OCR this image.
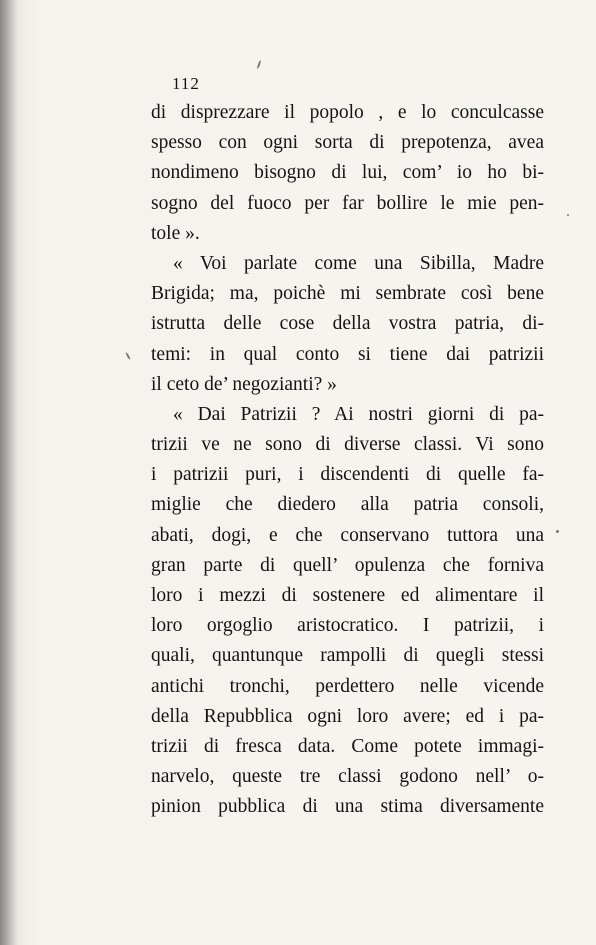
112
di disprezzare il popolo , e lo conculcasse
spesso con ogni sorta di prepotenza, avea
nondimeno bisogno di lui, com’ io ho bi-
sogno del fuoco per far bollire le mie pen-
tole ».
« Voi parlate come una Sibilla, Madre
Brigida; ma, poichè mi sembrate così bene
istrutta delle cose della vostra patria, di-
temi: in qual conto si tiene dai patrizii
il ceto de’ negozianti? »
« Dai Patrizii ? Ai nostri giorni di pa-
trizii ve ne sono di diverse classi. Vi sono
i patrizii puri, i discendenti di quelle fa-
miglie che diedero alla patria consoli,
abati, dogi, e che conservano tuttora una
gran parte di quell’ opulenza che forniva
loro i mezzi di sostenere ed alimentare il
loro orgoglio aristocratico. I patrizii, i
quali, quantunque rampolli di quegli stessi
antichi tronchi, perdettero nelle vicende
della Repubblica ogni loro avere; ed i pa-
trizii di fresca data. Come potete immagi-
narvelo, queste tre classi godono nell’ o-
pinion pubblica di una stima diversamente
